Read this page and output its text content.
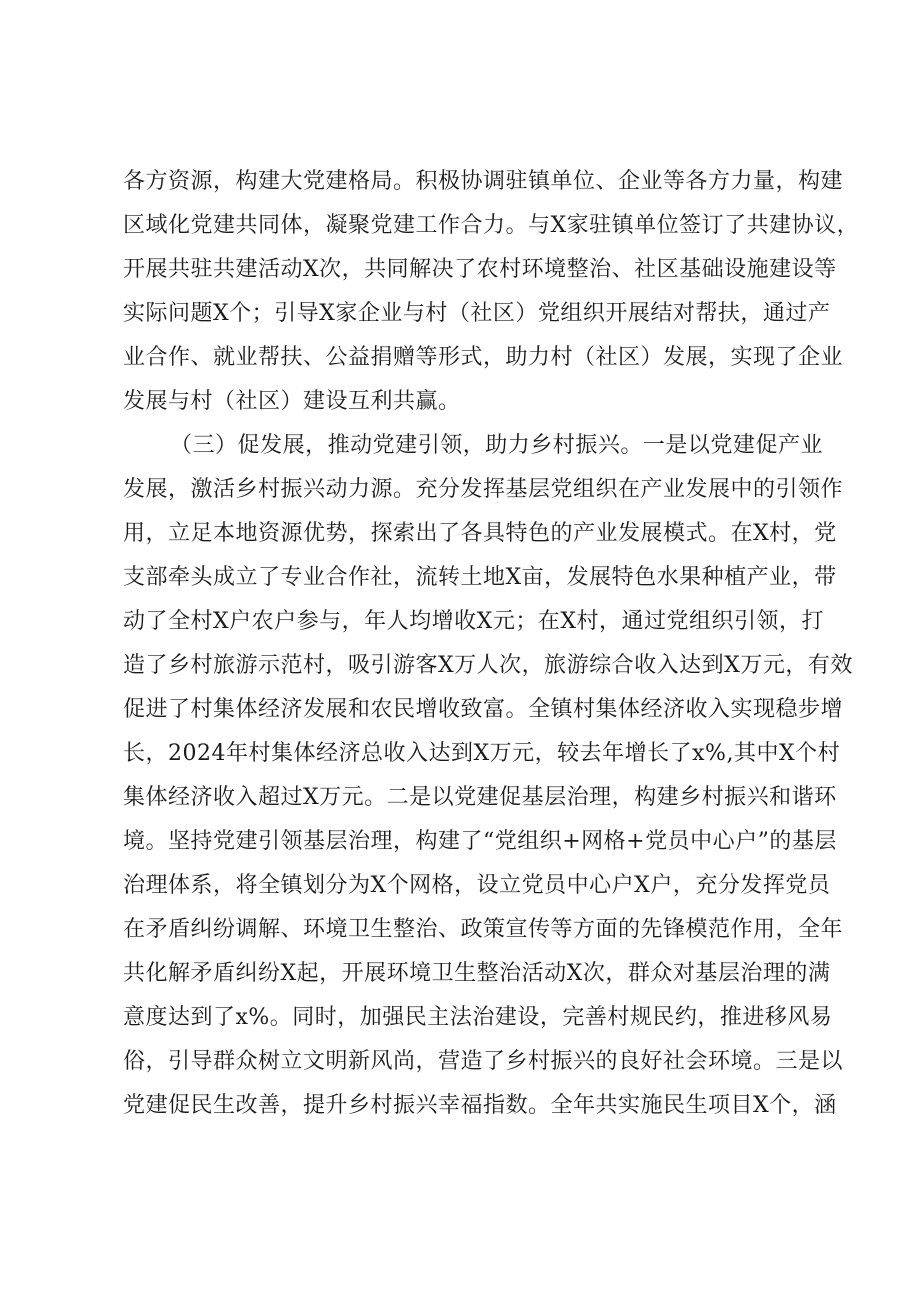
各方资源，构建大党建格局。积极协调驻镇单位、企业等各方力量，构建
区域化党建共同体，凝聚党建工作合力。与X家驻镇单位签订了共建协议，
开展共驻共建活动X次，共同解决了农村环境整治、社区基础设施建设等
实际问题X个；引导X家企业与村（社区）党组织开展结对帮扶，通过产
业合作、就业帮扶、公益捐赠等形式，助力村（社区）发展，实现了企业
发展与村（社区）建设互利共赢。
（三）促发展，推动党建引领，助力乡村振兴。一是以党建促产业
发展，激活乡村振兴动力源。充分发挥基层党组织在产业发展中的引领作
用，立足本地资源优势，探索出了各具特色的产业发展模式。在X村，党
支部牵头成立了专业合作社，流转土地X亩，发展特色水果种植产业，带
动了全村X户农户参与，年人均增收X元；在X村，通过党组织引领，打
造了乡村旅游示范村，吸引游客X万人次，旅游综合收入达到X万元，有效
促进了村集体经济发展和农民增收致富。全镇村集体经济收入实现稳步增
长，2024年村集体经济总收入达到X万元，较去年增长了x%,其中X个村
集体经济收入超过X万元。二是以党建促基层治理，构建乡村振兴和谐环
境。坚持党建引领基层治理，构建了“党组织+网格+党员中心户”的基层
治理体系，将全镇划分为X个网格，设立党员中心户X户，充分发挥党员
在矛盾纠纷调解、环境卫生整治、政策宣传等方面的先锋模范作用，全年
共化解矛盾纠纷X起，开展环境卫生整治活动X次，群众对基层治理的满
意度达到了x%。同时，加强民主法治建设，完善村规民约，推进移风易
俗，引导群众树立文明新风尚，营造了乡村振兴的良好社会环境。三是以
党建促民生改善，提升乡村振兴幸福指数。全年共实施民生项目X个，涵
